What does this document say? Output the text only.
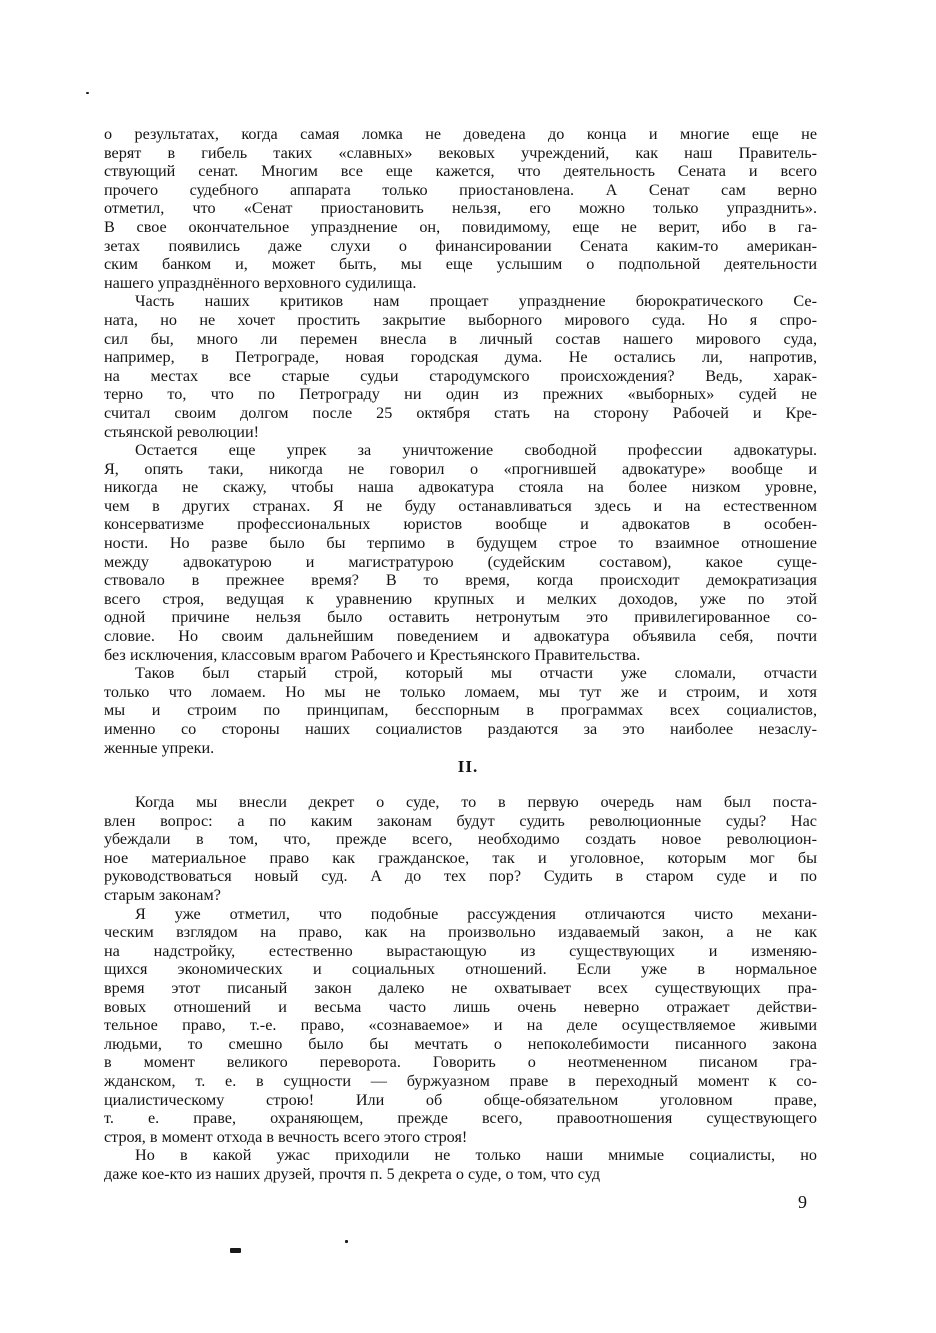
о результатах, когда самая ломка не доведена до конца и многие еще не
верят в гибель таких «славных» вековых учреждений, как наш Правитель-
ствующий сенат. Многим все еще кажется, что деятельность Сената и всего
прочего судебного аппарата только приостановлена. А Сенат сам верно
отметил, что «Сенат приостановить нельзя, его можно только упразднить».
В свое окончательное упразднение он, повидимому, еще не верит, ибо в га-
зетах появились даже слухи о финансировании Сената каким-то американ-
ским банком и, может быть, мы еще услышим о подпольной деятельности
нашего упразднённого верховного судилища.
Часть наших критиков нам прощает упразднение бюрократического Се-
ната, но не хочет простить закрытие выборного мирового суда. Но я спро-
сил бы, много ли перемен внесла в личный состав нашего мирового суда,
например, в Петрограде, новая городская дума. Не остались ли, напротив,
на местах все старые судьи стародумского происхождения? Ведь, харак-
терно то, что по Петрограду ни один из прежних «выборных» судей не
считал своим долгом после 25 октября стать на сторону Рабочей и Кре-
стьянской революции!
Остается еще упрек за уничтожение свободной профессии адвокатуры.
Я, опять таки, никогда не говорил о «прогнившей адвокатуре» вообще и
никогда не скажу, чтобы наша адвокатура стояла на более низком уровне,
чем в других странах. Я не буду останавливаться здесь и на естественном
консерватизме профессиональных юристов вообще и адвокатов в особен-
ности. Но разве было бы терпимо в будущем строе то взаимное отношение
между адвокатурою и магистратурою (судейским составом), какое суще-
ствовало в прежнее время? В то время, когда происходит демократизация
всего строя, ведущая к уравнению крупных и мелких доходов, уже по этой
одной причине нельзя было оставить нетронутым это привилегированное со-
словие. Но своим дальнейшим поведением и адвокатура объявила себя, почти
без исключения, классовым врагом Рабочего и Крестьянского Правительства.
Таков был старый строй, который мы отчасти уже сломали, отчасти
только что ломаем. Но мы не только ломаем, мы тут же и строим, и хотя
мы и строим по принципам, бесспорным в программах всех социалистов,
именно со стороны наших социалистов раздаются за это наиболее незаслу-
женные упреки.
II.
Когда мы внесли декрет о суде, то в первую очередь нам был поста-
влен вопрос: а по каким законам будут судить революционные суды? Нас
убеждали в том, что, прежде всего, необходимо создать новое революцион-
ное материальное право как гражданское, так и уголовное, которым мог бы
руководствоваться новый суд. А до тех пор? Судить в старом суде и по
старым законам?
Я уже отметил, что подобные рассуждения отличаются чисто механи-
ческим взглядом на право, как на произвольно издаваемый закон, а не как
на надстройку, естественно вырастающую из существующих и изменяю-
щихся экономических и социальных отношений. Если уже в нормальное
время этот писаный закон далеко не охватывает всех существующих пра-
вовых отношений и весьма часто лишь очень неверно отражает действи-
тельное право, т.-е. право, «сознаваемое» и на деле осуществляемое живыми
людьми, то смешно было бы мечтать о непоколебимости писанного закона
в момент великого переворота. Говорить о неотмененном писаном гра-
жданском, т. е. в сущности — буржуазном праве в переходный момент к со-
циалистическому строю! Или об обще-обязательном уголовном праве,
т. е. праве, охраняющем, прежде всего, правоотношения существующего
строя, в момент отхода в вечность всего этого строя!
Но в какой ужас приходили не только наши мнимые социалисты, но
даже кое-кто из наших друзей, прочтя п. 5 декрета о суде, о том, что суд
9
